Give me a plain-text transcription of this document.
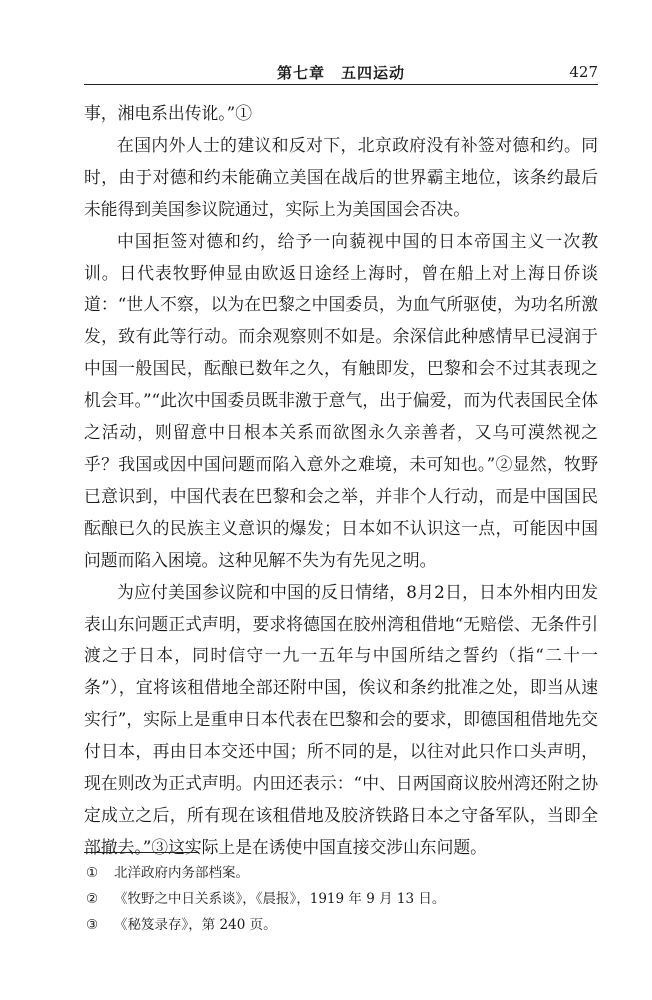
第七章　五四运动	427

事，湘电系出传讹。”①

在国内外人士的建议和反对下，北京政府没有补签对德和约。同时，由于对德和约未能确立美国在战后的世界霸主地位，该条约最后未能得到美国参议院通过，实际上为美国国会否决。

中国拒签对德和约，给予一向藐视中国的日本帝国主义一次教训。日代表牧野伸显由欧返日途经上海时，曾在船上对上海日侨谈道：“世人不察，以为在巴黎之中国委员，为血气所驱使，为功名所激发，致有此等行动。而余观察则不如是。余深信此种感情早已浸润于中国一般国民，酝酿已数年之久，有触即发，巴黎和会不过其表现之机会耳。”“此次中国委员既非激于意气，出于偏爱，而为代表国民全体之活动，则留意中日根本关系而欲图永久亲善者，又乌可漠然视之乎？我国或因中国问题而陷入意外之难境，未可知也。”②显然，牧野已意识到，中国代表在巴黎和会之举，并非个人行动，而是中国国民酝酿已久的民族主义意识的爆发；日本如不认识这一点，可能因中国问题而陷入困境。这种见解不失为有先见之明。

为应付美国参议院和中国的反日情绪，8月2日，日本外相内田发表山东问题正式声明，要求将德国在胶州湾租借地“无赔偿、无条件引渡之于日本，同时信守一九一五年与中国所结之誓约（指“二十一条”），宜将该租借地全部还附中国，俟议和条约批准之处，即当从速实行”，实际上是重申日本代表在巴黎和会的要求，即德国租借地先交付日本，再由日本交还中国；所不同的是，以往对此只作口头声明，现在则改为正式声明。内田还表示：“中、日两国商议胶州湾还附之协定成立之后，所有现在该租借地及胶济铁路日本之守备军队，当即全部撤去。”③这实际上是在诱使中国直接交涉山东问题。

① 北洋政府内务部档案。
② 《牧野之中日关系谈》，《晨报》，1919 年 9 月 13 日。
③ 《秘笈录存》，第 240 页。
